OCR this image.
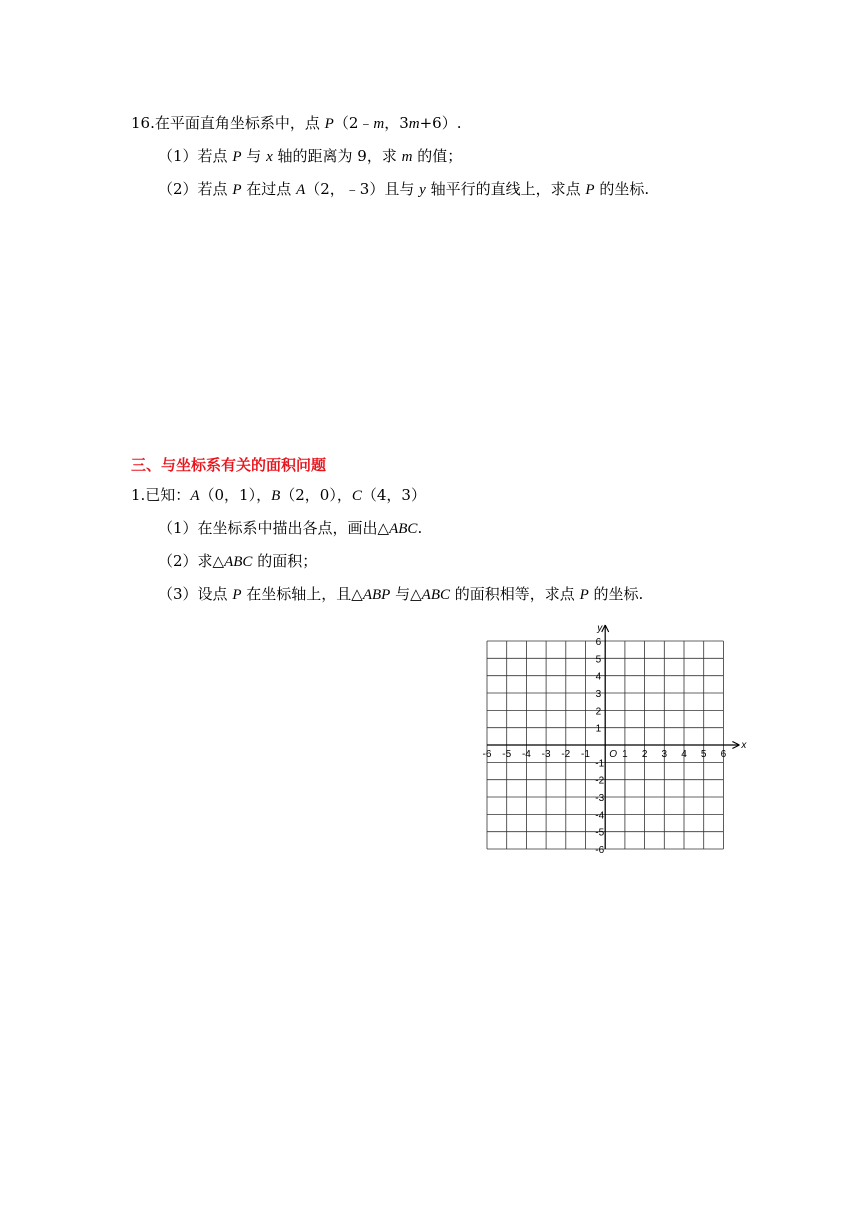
16.在平面直角坐标系中，点 P（2﹣m，3m+6）.
（1）若点 P 与 x 轴的距离为 9，求 m 的值；
（2）若点 P 在过点 A（2，﹣3）且与 y 轴平行的直线上，求点 P 的坐标.
三、与坐标系有关的面积问题
1.已知：A（0，1），B（2，0），C（4，3）
（1）在坐标系中描出各点，画出△ABC.
（2）求△ABC 的面积；
（3）设点 P 在坐标轴上，且△ABP 与△ABC 的面积相等，求点 P 的坐标.
-6 -5 -4 -3 -2 -1	1 2 3 4 5 6
6
5
4
3
2
1
-1
-2
-3
-4
-5
-6
O
x
y
